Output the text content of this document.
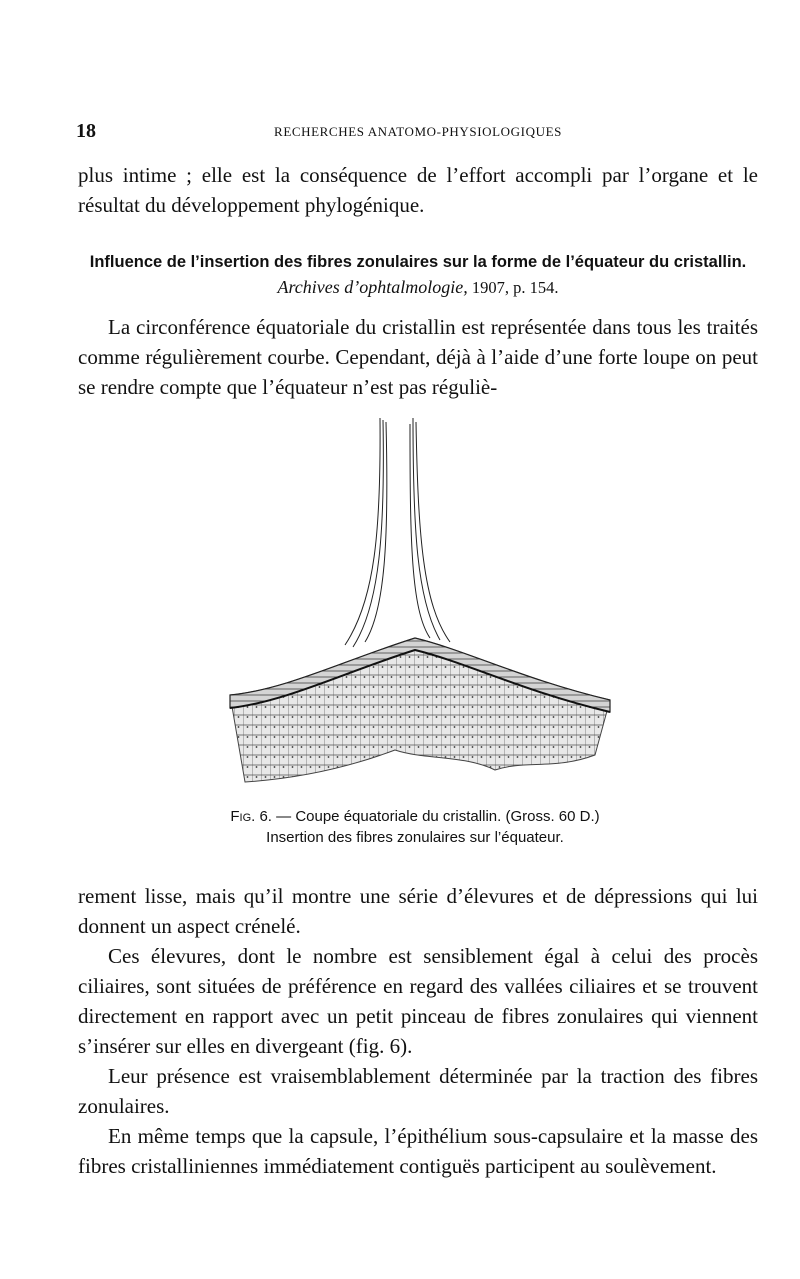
18	RECHERCHES ANATOMO-PHYSIOLOGIQUES

plus intime ; elle est la conséquence de l’effort accompli par l’organe et le résultat du développement phylogénique.

Influence de l’insertion des fibres zonulaires sur la forme de l’équateur du cristallin. Archives d’ophtalmologie, 1907, p. 154.

La circonférence équatoriale du cristallin est représentée dans tous les traités comme régulièrement courbe. Cependant, déjà à l’aide d’une forte loupe on peut se rendre compte que l’équateur n’est pas réguliè-

Fig. 6. — Coupe équatoriale du cristallin. (Gross. 60 D.)
Insertion des fibres zonulaires sur l’équateur.
rement lisse, mais qu’il montre une série d’élevures et de dépressions qui lui donnent un aspect crénelé.
Ces élevures, dont le nombre est sensiblement égal à celui des procès ciliaires, sont situées de préférence en regard des vallées ciliaires et se trouvent directement en rapport avec un petit pinceau de fibres zonulaires qui viennent s’insérer sur elles en divergeant (fig. 6).
Leur présence est vraisemblablement déterminée par la traction des fibres zonulaires.
En même temps que la capsule, l’épithélium sous-capsulaire et la masse des fibres cristalliniennes immédiatement contiguës participent au soulèvement.
